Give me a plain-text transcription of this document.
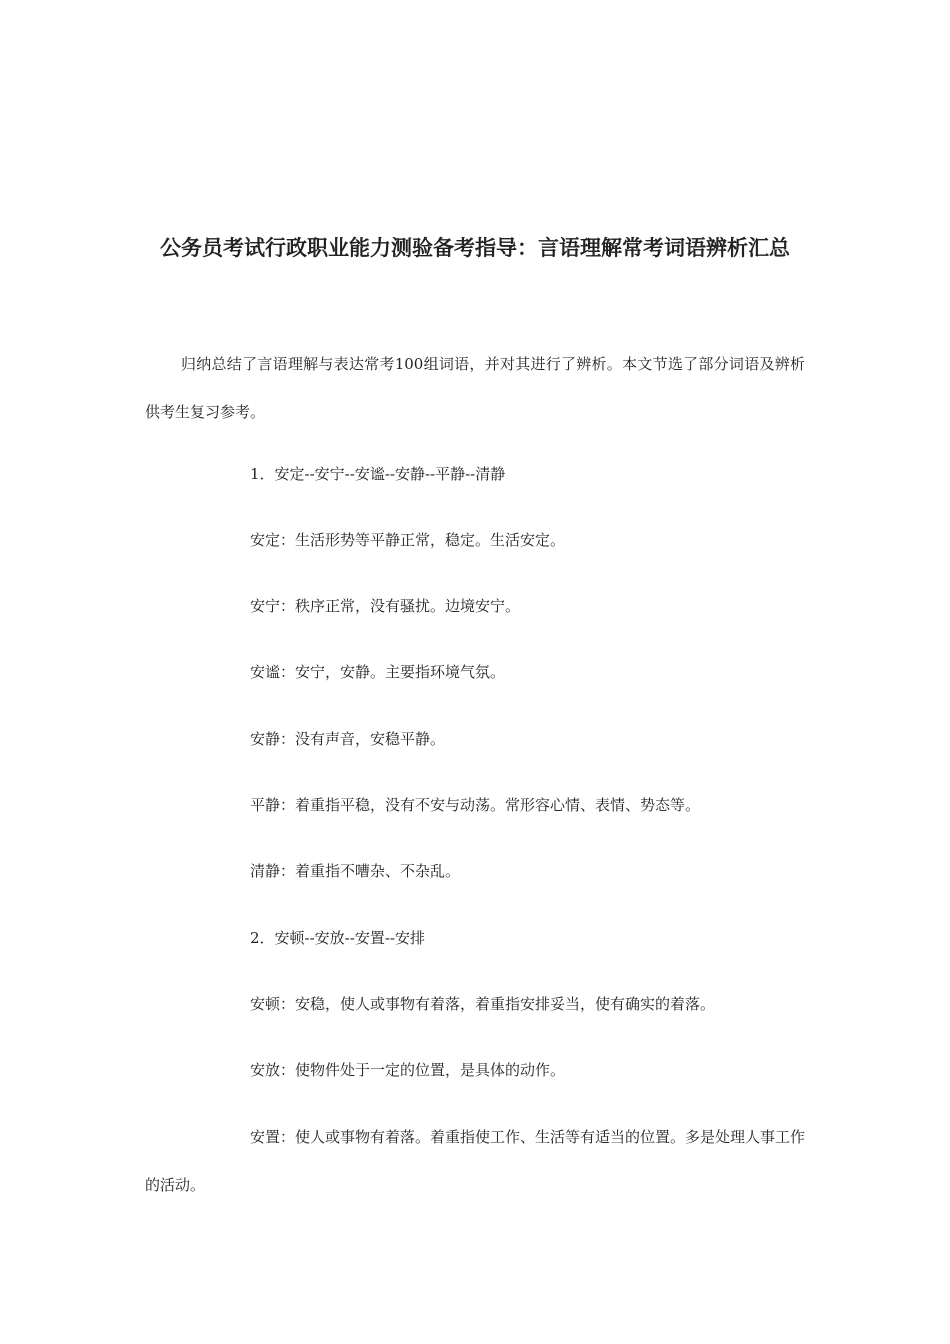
公务员考试行政职业能力测验备考指导：言语理解常考词语辨析汇总

归纳总结了言语理解与表达常考100组词语，并对其进行了辨析。本文节选了部分词语及辨析供考生复习参考。

1．安定--安宁--安谧--安静--平静--清静

安定：生活形势等平静正常，稳定。生活安定。

安宁：秩序正常，没有骚扰。边境安宁。

安谧：安宁，安静。主要指环境气氛。

安静：没有声音，安稳平静。

平静：着重指平稳，没有不安与动荡。常形容心情、表情、势态等。

清静：着重指不嘈杂、不杂乱。

2．安顿--安放--安置--安排

安顿：安稳，使人或事物有着落，着重指安排妥当，使有确实的着落。

安放：使物件处于一定的位置，是具体的动作。

安置：使人或事物有着落。着重指使工作、生活等有适当的位置。多是处理人事工作的活动。
